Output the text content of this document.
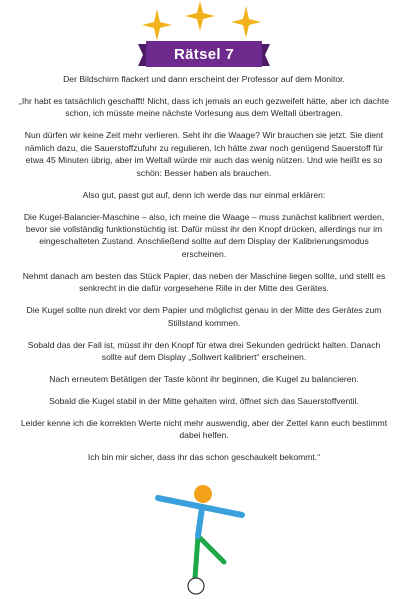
Rätsel 7

Der Bildschirm flackert und dann erscheint der Professor auf dem Monitor.

„Ihr habt es tatsächlich geschafft! Nicht, dass ich jemals an euch gezweifelt hätte, aber ich dachte schon, ich müsste meine nächste Vorlesung aus dem Weltall übertragen.

Nun dürfen wir keine Zeit mehr verlieren. Seht ihr die Waage? Wir brauchen sie jetzt. Sie dient nämlich dazu, die Sauerstoffzufuhr zu regulieren. Ich hätte zwar noch genügend Sauerstoff für etwa 45 Minuten übrig, aber im Weltall würde mir auch das wenig nützen. Und wie heißt es so schön: Besser haben als brauchen.

Also gut, passt gut auf, denn ich werde das nur einmal erklären:

Die Kugel-Balancier-Maschine – also, ich meine die Waage – muss zunächst kalibriert werden, bevor sie vollständig funktionstüchtig ist. Dafür müsst ihr den Knopf drücken, allerdings nur im eingeschalteten Zustand. Anschließend sollte auf dem Display der Kalibrierungsmodus erscheinen.

Nehmt danach am besten das Stück Papier, das neben der Maschine liegen sollte, und stellt es senkrecht in die dafür vorgesehene Rille in der Mitte des Gerätes.

Die Kugel sollte nun direkt vor dem Papier und möglichst genau in der Mitte des Gerätes zum Stillstand kommen.

Sobald das der Fall ist, müsst ihr den Knopf für etwa drei Sekunden gedrückt halten. Danach sollte auf dem Display „Sollwert kalibriert“ erscheinen.

Nach erneutem Betätigen der Taste könnt ihr beginnen, die Kugel zu balancieren.

Sobald die Kugel stabil in der Mitte gehalten wird, öffnet sich das Sauerstoffventil.

Leider kenne ich die korrekten Werte nicht mehr auswendig, aber der Zettel kann euch bestimmt dabei helfen.

Ich bin mir sicher, dass ihr das schon geschaukelt bekommt.“
